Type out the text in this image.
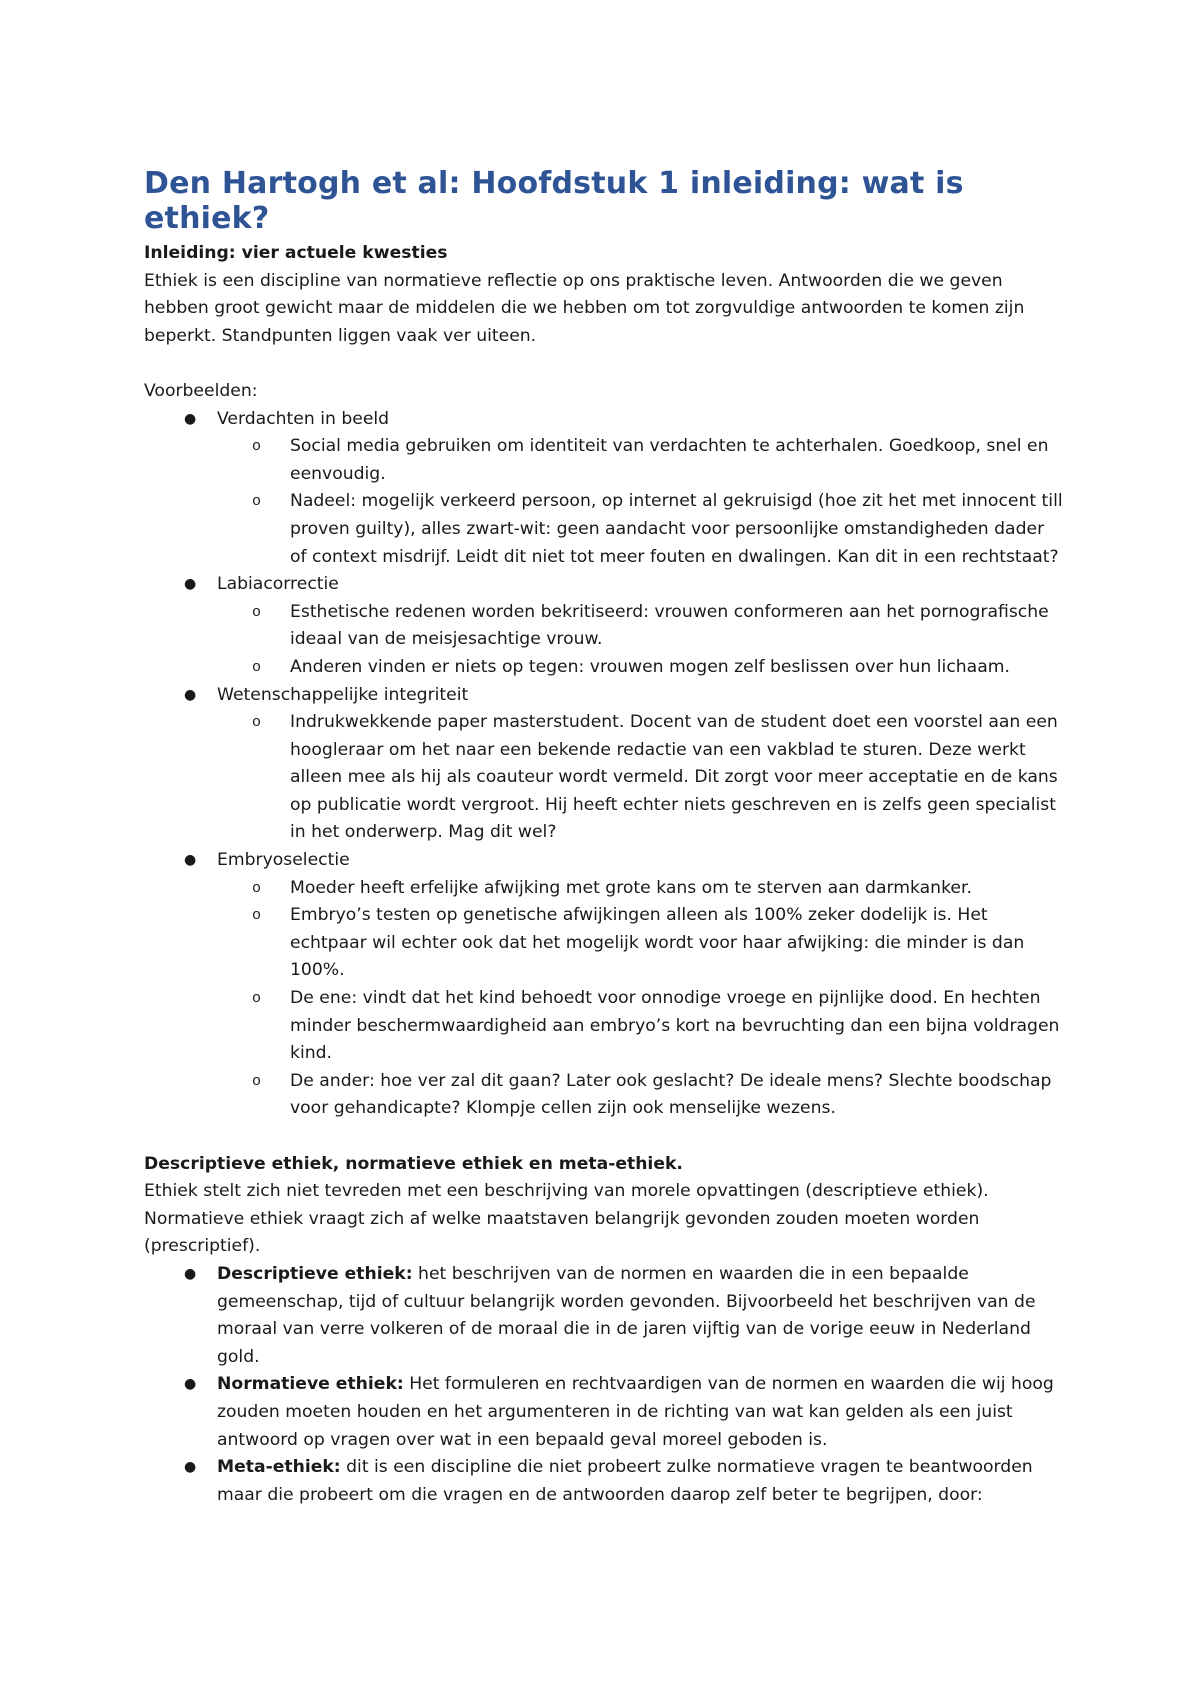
Den Hartogh et al: Hoofdstuk 1 inleiding: wat is ethiek?

Inleiding: vier actuele kwesties

Ethiek is een discipline van normatieve reflectie op ons praktische leven. Antwoorden die we geven hebben groot gewicht maar de middelen die we hebben om tot zorgvuldige antwoorden te komen zijn beperkt. Standpunten liggen vaak ver uiteen.

Voorbeelden:

● Verdachten in beeld
o Social media gebruiken om identiteit van verdachten te achterhalen. Goedkoop, snel en eenvoudig.
o Nadeel: mogelijk verkeerd persoon, op internet al gekruisigd (hoe zit het met innocent till proven guilty), alles zwart-wit: geen aandacht voor persoonlijke omstandigheden dader of context misdrijf. Leidt dit niet tot meer fouten en dwalingen. Kan dit in een rechtstaat?
● Labiacorrectie
o Esthetische redenen worden bekritiseerd: vrouwen conformeren aan het pornografische ideaal van de meisjesachtige vrouw.
o Anderen vinden er niets op tegen: vrouwen mogen zelf beslissen over hun lichaam.
● Wetenschappelijke integriteit
o Indrukwekkende paper masterstudent. Docent van de student doet een voorstel aan een hoogleraar om het naar een bekende redactie van een vakblad te sturen. Deze werkt alleen mee als hij als coauteur wordt vermeld. Dit zorgt voor meer acceptatie en de kans op publicatie wordt vergroot. Hij heeft echter niets geschreven en is zelfs geen specialist in het onderwerp. Mag dit wel?
● Embryoselectie
o Moeder heeft erfelijke afwijking met grote kans om te sterven aan darmkanker.
o Embryo’s testen op genetische afwijkingen alleen als 100% zeker dodelijk is. Het echtpaar wil echter ook dat het mogelijk wordt voor haar afwijking: die minder is dan 100%.
o De ene: vindt dat het kind behoedt voor onnodige vroege en pijnlijke dood. En hechten minder beschermwaardigheid aan embryo’s kort na bevruchting dan een bijna voldragen kind.
o De ander: hoe ver zal dit gaan? Later ook geslacht? De ideale mens? Slechte boodschap voor gehandicapte? Klompje cellen zijn ook menselijke wezens.

Descriptieve ethiek, normatieve ethiek en meta-ethiek.

Ethiek stelt zich niet tevreden met een beschrijving van morele opvattingen (descriptieve ethiek). Normatieve ethiek vraagt zich af welke maatstaven belangrijk gevonden zouden moeten worden (prescriptief).

● Descriptieve ethiek: het beschrijven van de normen en waarden die in een bepaalde gemeenschap, tijd of cultuur belangrijk worden gevonden. Bijvoorbeeld het beschrijven van de moraal van verre volkeren of de moraal die in de jaren vijftig van de vorige eeuw in Nederland gold.
● Normatieve ethiek: Het formuleren en rechtvaardigen van de normen en waarden die wij hoog zouden moeten houden en het argumenteren in de richting van wat kan gelden als een juist antwoord op vragen over wat in een bepaald geval moreel geboden is.
● Meta-ethiek: dit is een discipline die niet probeert zulke normatieve vragen te beantwoorden maar die probeert om die vragen en de antwoorden daarop zelf beter te begrijpen, door:
